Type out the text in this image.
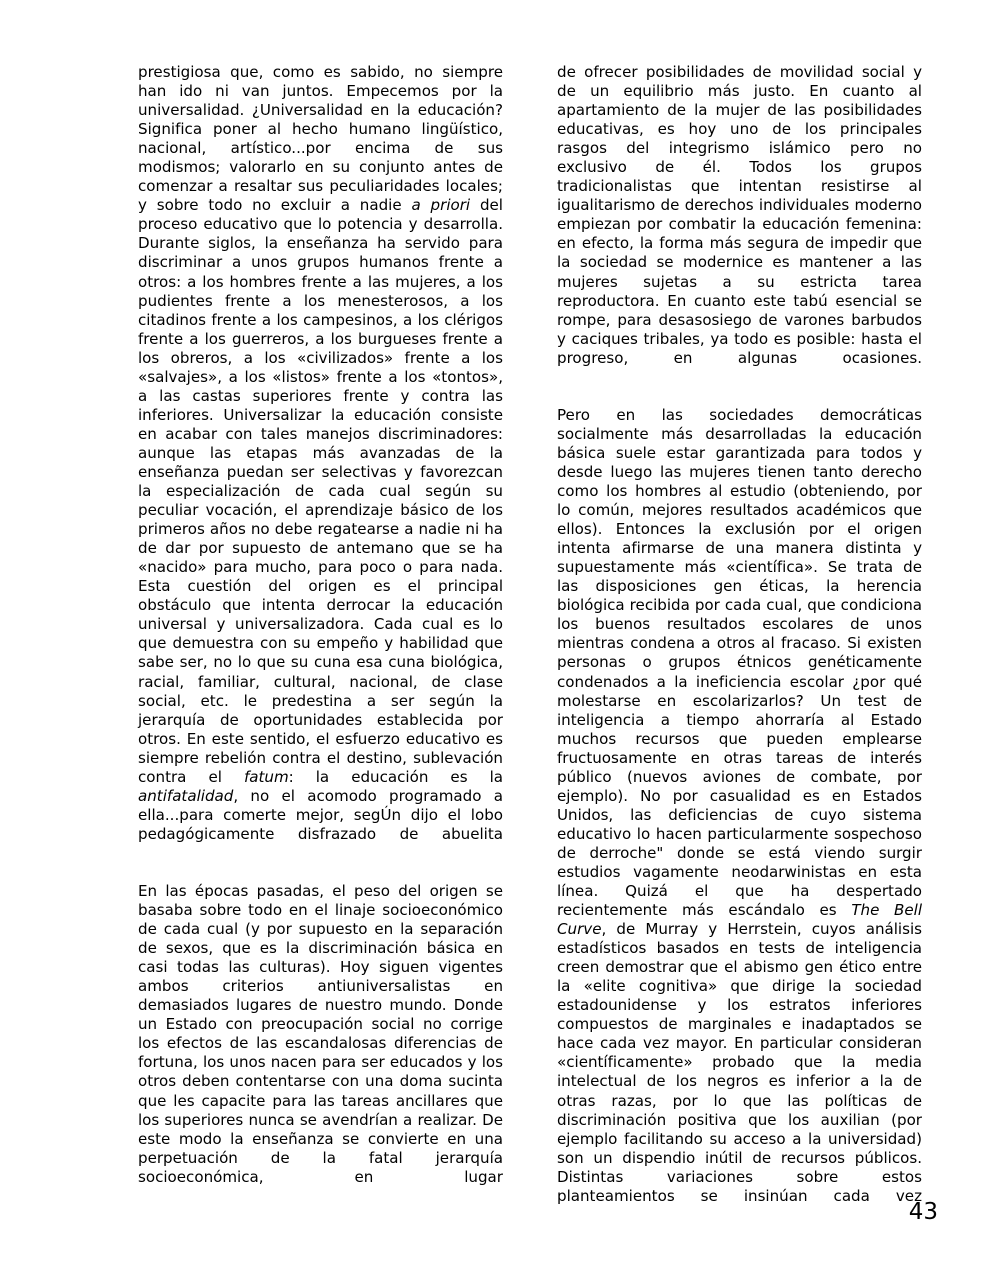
prestigiosa que, como es sabido, no siempre han ido ni van juntos. Empecemos por la universalidad. ¿Universalidad en la educación? Significa poner al hecho humano lingüístico, nacional, artístico...por encima de sus modismos; valorarlo en su conjunto antes de comenzar a resaltar sus peculiaridades locales; y sobre todo no excluir a nadie a priori del proceso educativo que lo potencia y desarrolla. Durante siglos, la enseñanza ha servido para discriminar a unos grupos humanos frente a otros: a los hombres frente a las mujeres, a los pudientes frente a los menesterosos, a los citadinos frente a los campesinos, a los clérigos frente a los guerreros, a los burgueses frente a los obreros, a los «civilizados» frente a los «salvajes», a los «listos» frente a los «tontos», a las castas superiores frente y contra las inferiores. Universalizar la educación consiste en acabar con tales manejos discriminadores: aunque las etapas más avanzadas de la enseñanza puedan ser selectivas y favorezcan la especialización de cada cual según su peculiar vocación, el aprendizaje básico de los primeros años no debe regatearse a nadie ni ha de dar por supuesto de antemano que se ha «nacido» para mucho, para poco o para nada. Esta cuestión del origen es el principal obstáculo que intenta derrocar la educación universal y universalizadora. Cada cual es lo que demuestra con su empeño y habilidad que sabe ser, no lo que su cuna esa cuna biológica, racial, familiar, cultural, nacional, de clase social, etc. le predestina a ser según la jerarquía de oportunidades establecida por otros. En este sentido, el esfuerzo educativo es siempre rebelión contra el destino, sublevación contra el fatum: la educación es la antifatalidad, no el acomodo programado a ella...para comerte mejor, segÚn dijo el lobo pedagógicamente disfrazado de abuelita

En las épocas pasadas, el peso del origen se basaba sobre todo en el linaje socioeconómico de cada cual (y por supuesto en la separación de sexos, que es la discriminación básica en casi todas las culturas). Hoy siguen vigentes ambos criterios antiuniversalistas en demasiados lugares de nuestro mundo. Donde un Estado con preocupación social no corrige los efectos de las escandalosas diferencias de fortuna, los unos nacen para ser educados y los otros deben contentarse con una doma sucinta que les capacite para las tareas ancillares que los superiores nunca se avendrían a realizar. De este modo la enseñanza se convierte en una perpetuación de la fatal jerarquía socioeconómica, en lugar

de ofrecer posibilidades de movilidad social y de un equilibrio más justo. En cuanto al apartamiento de la mujer de las posibilidades educativas, es hoy uno de los principales rasgos del integrismo islámico pero no exclusivo de él. Todos los grupos tradicionalistas que intentan resistirse al igualitarismo de derechos individuales moderno empiezan por combatir la educación femenina: en efecto, la forma más segura de impedir que la sociedad se modernice es mantener a las mujeres sujetas a su estricta tarea reproductora. En cuanto este tabú esencial se rompe, para desasosiego de varones barbudos y caciques tribales, ya todo es posible: hasta el progreso, en algunas ocasiones.

Pero en las sociedades democráticas socialmente más desarrolladas la educación básica suele estar garantizada para todos y desde luego las mujeres tienen tanto derecho como los hombres al estudio (obteniendo, por lo común, mejores resultados académicos que ellos). Entonces la exclusión por el origen intenta afirmarse de una manera distinta y supuestamente más «científica». Se trata de las disposiciones gen éticas, la herencia biológica recibida por cada cual, que condiciona los buenos resultados escolares de unos mientras condena a otros al fracaso. Si existen personas o grupos étnicos genéticamente condenados a la ineficiencia escolar ¿por qué molestarse en escolarizarlos? Un test de inteligencia a tiempo ahorraría al Estado muchos recursos que pueden emplearse fructuosamente en otras tareas de interés público (nuevos aviones de combate, por ejemplo). No por casualidad es en Estados Unidos, las deficiencias de cuyo sistema educativo lo hacen particularmente sospechoso de derroche" donde se está viendo surgir estudios vagamente neodarwinistas en esta línea. Quizá el que ha despertado recientemente más escándalo es The Bell Curve, de Murray y Herrstein, cuyos análisis estadísticos basados en tests de inteligencia creen demostrar que el abismo gen ético entre la «elite cognitiva» que dirige la sociedad estadounidense y los estratos inferiores compuestos de marginales e inadaptados se hace cada vez mayor. En particular consideran «científicamente» probado que la media intelectual de los negros es inferior a la de otras razas, por lo que las políticas de discriminación positiva que los auxilian (por ejemplo facilitando su acceso a la universidad) son un dispendio inútil de recursos públicos. Distintas variaciones sobre estos planteamientos se insinúan cada vez

43
